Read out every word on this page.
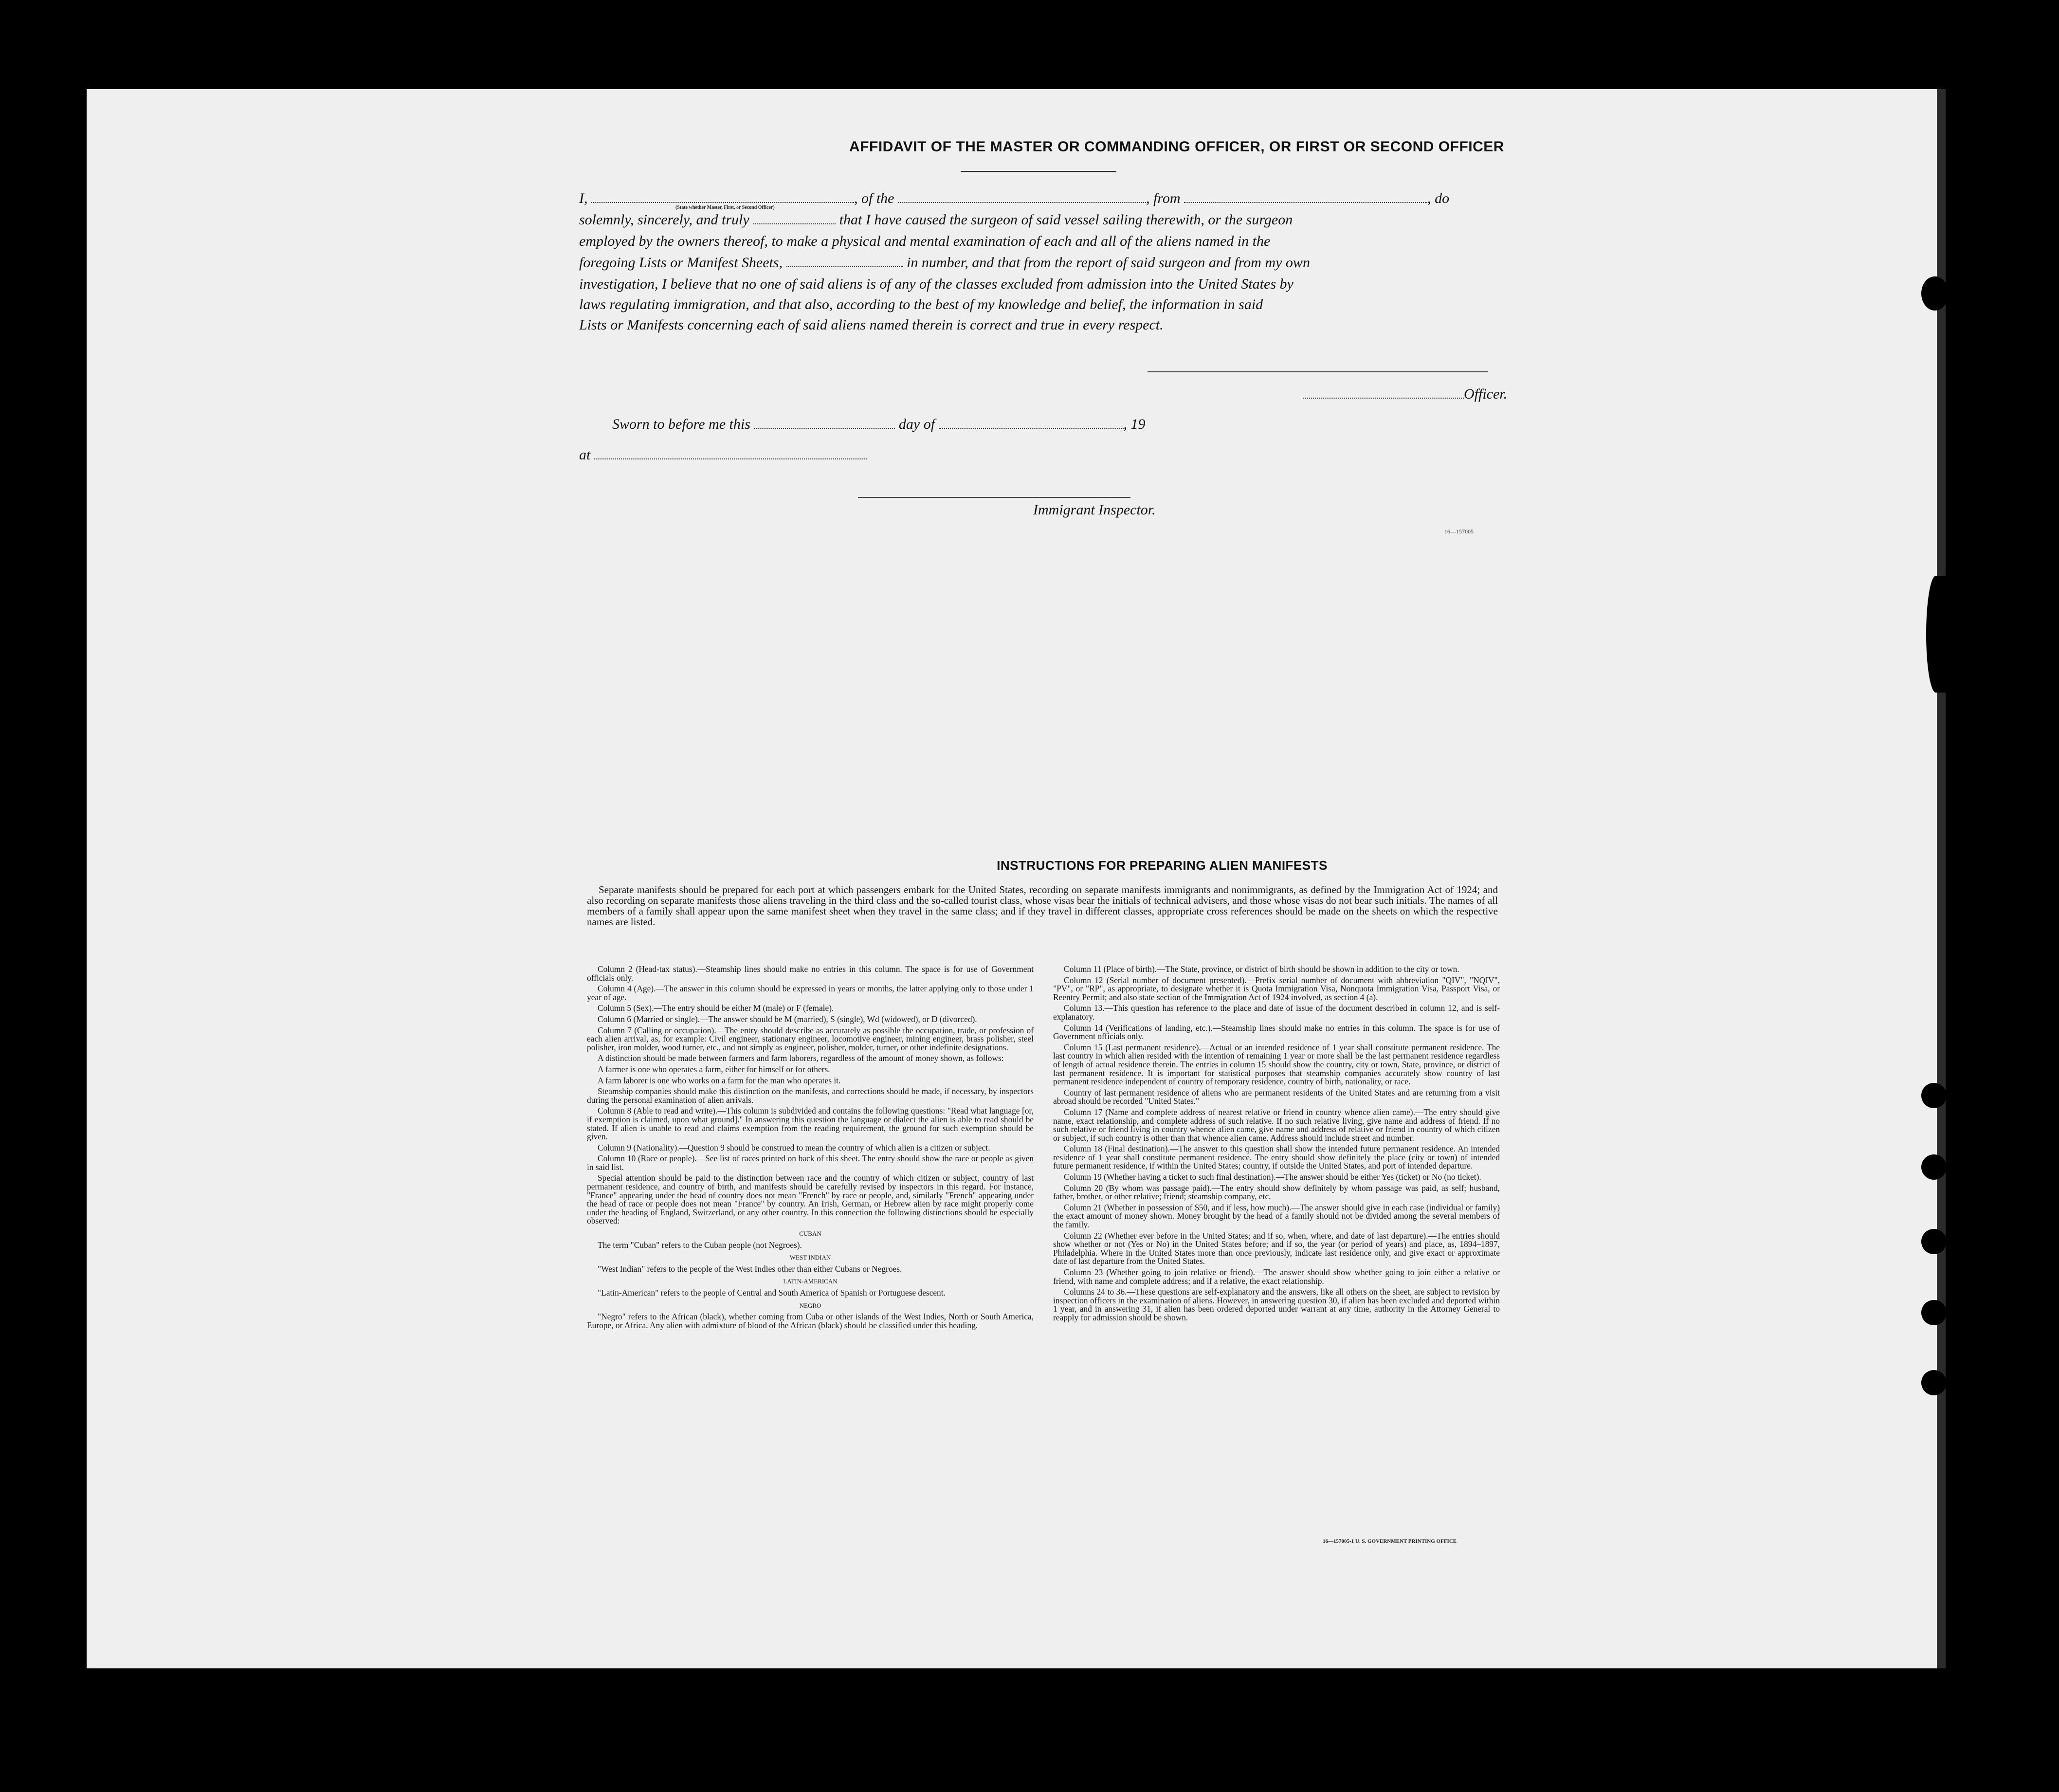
AFFIDAVIT OF THE MASTER OR COMMANDING OFFICER, OR FIRST OR SECOND OFFICER
I,	, of the	, from	, do
(State whether Master, First, or Second Officer)
solemnly, sincerely, and truly	that I have caused the surgeon of said vessel sailing therewith, or the surgeon
employed by the owners thereof, to make a physical and mental examination of each and all of the aliens named in the
foregoing Lists or Manifest Sheets,	in number, and that from the report of said surgeon and from my own
investigation, I believe that no one of said aliens is of any of the classes excluded from admission into the United States by
laws regulating immigration, and that also, according to the best of my knowledge and belief, the information in said
Lists or Manifests concerning each of said aliens named therein is correct and true in every respect.
Officer.
Sworn to before me this	day of	, 19
at
Immigrant Inspector.
16—157005
INSTRUCTIONS FOR PREPARING ALIEN MANIFESTS
Separate manifests should be prepared for each port at which passengers embark for the United States, recording on separate manifests immigrants and nonimmigrants, as defined by the Immigration Act of 1924; and also recording on separate manifests those aliens traveling in the third class and the so-called tourist class, whose visas bear the initials of technical advisers, and those whose visas do not bear such initials. The names of all members of a family shall appear upon the same manifest sheet when they travel in the same class; and if they travel in different classes, appropriate cross references should be made on the sheets on which the respective names are listed.

Column 2 (Head-tax status).—Steamship lines should make no entries in this column. The space is for use of Government officials only.

Column 4 (Age).—The answer in this column should be expressed in years or months, the latter applying only to those under 1 year of age.

Column 5 (Sex).—The entry should be either M (male) or F (female).

Column 6 (Married or single).—The answer should be M (married), S (single), Wd (widowed), or D (divorced).

Column 7 (Calling or occupation).—The entry should describe as accurately as possible the occupation, trade, or profession of each alien arrival, as, for example: Civil engineer, stationary engineer, locomotive engineer, mining engineer, brass polisher, steel polisher, iron molder, wood turner, etc., and not simply as engineer, polisher, molder, turner, or other indefinite designations.

A distinction should be made between farmers and farm laborers, regardless of the amount of money shown, as follows:

A farmer is one who operates a farm, either for himself or for others.

A farm laborer is one who works on a farm for the man who operates it.

Steamship companies should make this distinction on the manifests, and corrections should be made, if necessary, by inspectors during the personal examination of alien arrivals.

Column 8 (Able to read and write).—This column is subdivided and contains the following questions: "Read what language [or, if exemption is claimed, upon what ground]." In answering this question the language or dialect the alien is able to read should be stated. If alien is unable to read and claims exemption from the reading requirement, the ground for such exemption should be given.

Column 9 (Nationality).—Question 9 should be construed to mean the country of which alien is a citizen or subject.

Column 10 (Race or people).—See list of races printed on back of this sheet. The entry should show the race or people as given in said list.

Special attention should be paid to the distinction between race and the country of which citizen or subject, country of last permanent residence, and country of birth, and manifests should be carefully revised by inspectors in this regard. For instance, "France" appearing under the head of country does not mean "French" by race or people, and, similarly "French" appearing under the head of race or people does not mean "France" by country. An Irish, German, or Hebrew alien by race might properly come under the heading of England, Switzerland, or any other country. In this connection the following distinctions should be especially observed:

CUBAN

The term "Cuban" refers to the Cuban people (not Negroes).

WEST INDIAN

"West Indian" refers to the people of the West Indies other than either Cubans or Negroes.

LATIN-AMERICAN

"Latin-American" refers to the people of Central and South America of Spanish or Portuguese descent.

NEGRO

"Negro" refers to the African (black), whether coming from Cuba or other islands of the West Indies, North or South America, Europe, or Africa. Any alien with admixture of blood of the African (black) should be classified under this heading.

Column 11 (Place of birth).—The State, province, or district of birth should be shown in addition to the city or town.

Column 12 (Serial number of document presented).—Prefix serial number of document with abbreviation "QIV", "NQIV", "PV", or "RP", as appropriate, to designate whether it is Quota Immigration Visa, Nonquota Immigration Visa, Passport Visa, or Reentry Permit; and also state section of the Immigration Act of 1924 involved, as section 4 (a).

Column 13.—This question has reference to the place and date of issue of the document described in column 12, and is self-explanatory.

Column 14 (Verifications of landing, etc.).—Steamship lines should make no entries in this column. The space is for use of Government officials only.

Column 15 (Last permanent residence).—Actual or an intended residence of 1 year shall constitute permanent residence. The last country in which alien resided with the intention of remaining 1 year or more shall be the last permanent residence regardless of length of actual residence therein. The entries in column 15 should show the country, city or town, State, province, or district of last permanent residence. It is important for statistical purposes that steamship companies accurately show country of last permanent residence independent of country of temporary residence, country of birth, nationality, or race.

Country of last permanent residence of aliens who are permanent residents of the United States and are returning from a visit abroad should be recorded "United States."

Column 17 (Name and complete address of nearest relative or friend in country whence alien came).—The entry should give name, exact relationship, and complete address of such relative. If no such relative living, give name and address of friend. If no such relative or friend living in country whence alien came, give name and address of relative or friend in country of which citizen or subject, if such country is other than that whence alien came. Address should include street and number.

Column 18 (Final destination).—The answer to this question shall show the intended future permanent residence. An intended residence of 1 year shall constitute permanent residence. The entry should show definitely the place (city or town) of intended future permanent residence, if within the United States; country, if outside the United States, and port of intended departure.

Column 19 (Whether having a ticket to such final destination).—The answer should be either Yes (ticket) or No (no ticket).

Column 20 (By whom was passage paid).—The entry should show definitely by whom passage was paid, as self; husband, father, brother, or other relative; friend; steamship company, etc.

Column 21 (Whether in possession of $50, and if less, how much).—The answer should give in each case (individual or family) the exact amount of money shown. Money brought by the head of a family should not be divided among the several members of the family.

Column 22 (Whether ever before in the United States; and if so, when, where, and date of last departure).—The entries should show whether or not (Yes or No) in the United States before; and if so, the year (or period of years) and place, as, 1894–1897, Philadelphia. Where in the United States more than once previously, indicate last residence only, and give exact or approximate date of last departure from the United States.

Column 23 (Whether going to join relative or friend).—The answer should show whether going to join either a relative or friend, with name and complete address; and if a relative, the exact relationship.

Columns 24 to 36.—These questions are self-explanatory and the answers, like all others on the sheet, are subject to revision by inspection officers in the examination of aliens. However, in answering question 30, if alien has been excluded and deported within 1 year, and in answering 31, if alien has been ordered deported under warrant at any time, authority in the Attorney General to reapply for admission should be shown.

16—157005-1 U. S. GOVERNMENT PRINTING OFFICE
